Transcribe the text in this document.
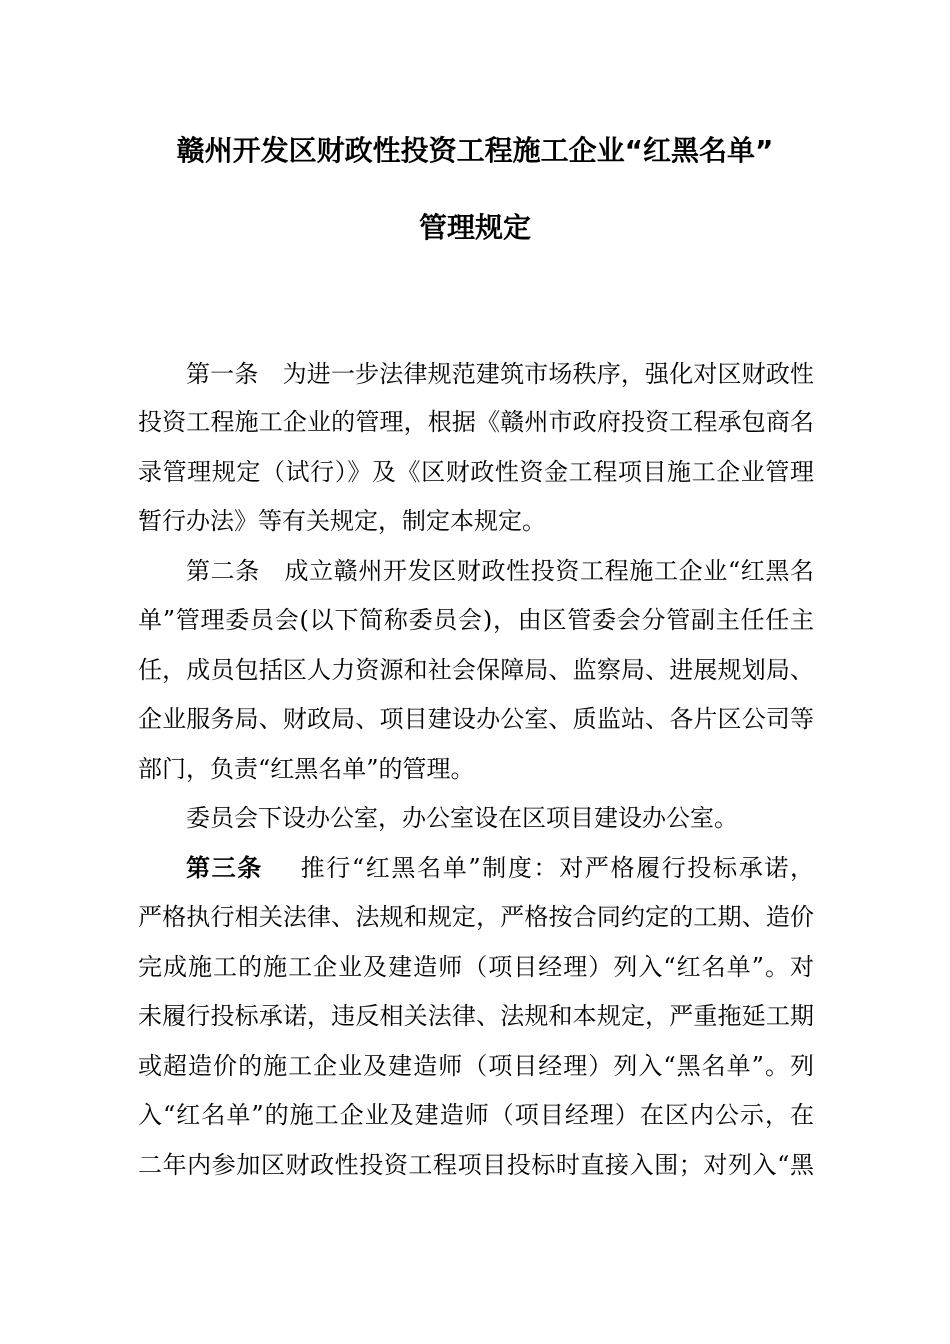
赣州开发区财政性投资工程施工企业“红黑名单”
管理规定
第一条 为进一步法律规范建筑市场秩序，强化对区财政性
投资工程施工企业的管理，根据《赣州市政府投资工程承包商名
录管理规定（试行）》及《区财政性资金工程项目施工企业管理
暂行办法》等有关规定，制定本规定。
第二条 成立赣州开发区财政性投资工程施工企业“红黑名
单”管理委员会(以下简称委员会)，由区管委会分管副主任任主
任，成员包括区人力资源和社会保障局、监察局、进展规划局、
企业服务局、财政局、项目建设办公室、质监站、各片区公司等
部门，负责“红黑名单”的管理。
委员会下设办公室，办公室设在区项目建设办公室。
第三条 推行“红黑名单”制度：对严格履行投标承诺，
严格执行相关法律、法规和规定，严格按合同约定的工期、造价
完成施工的施工企业及建造师（项目经理）列入“红名单”。对
未履行投标承诺，违反相关法律、法规和本规定，严重拖延工期
或超造价的施工企业及建造师（项目经理）列入“黑名单”。列
入“红名单”的施工企业及建造师（项目经理）在区内公示，在
二年内参加区财政性投资工程项目投标时直接入围；对列入“黑
